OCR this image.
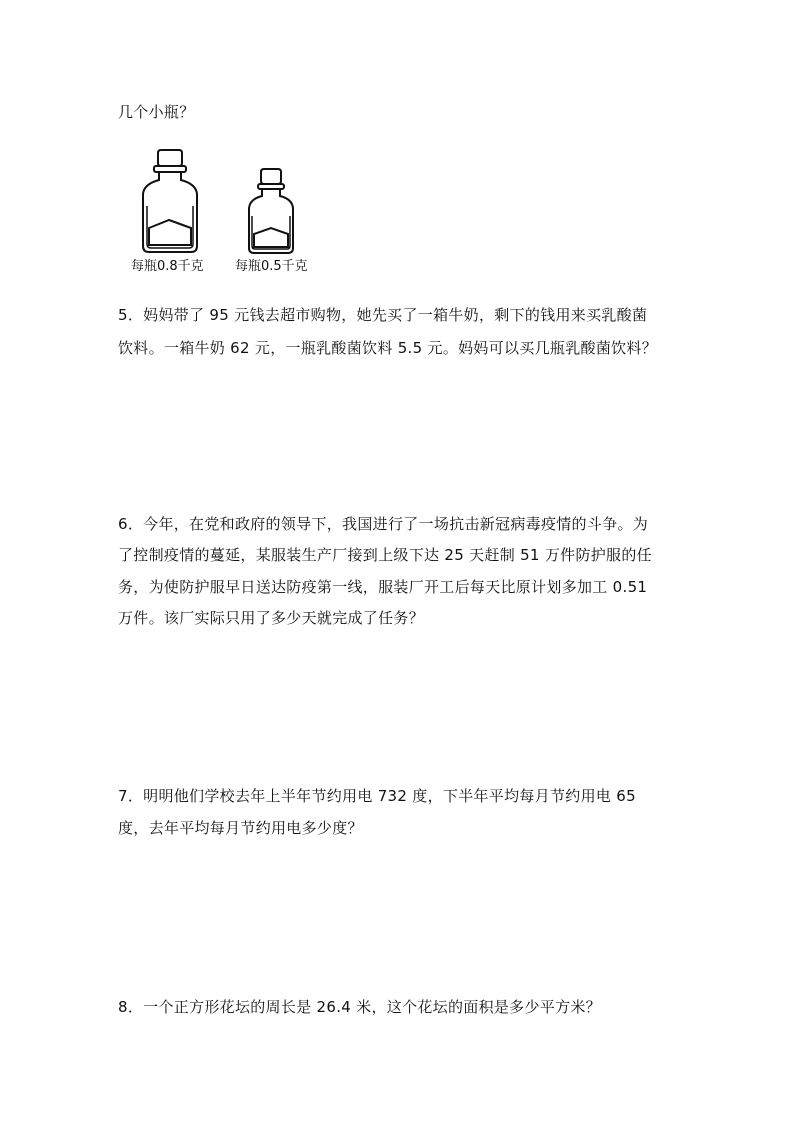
几个小瓶？
每瓶0.8千克 每瓶0.5千克
5．妈妈带了 95 元钱去超市购物，她先买了一箱牛奶，剩下的钱用来买乳酸菌
饮料。一箱牛奶 62 元，一瓶乳酸菌饮料 5.5 元。妈妈可以买几瓶乳酸菌饮料？
6．今年，在党和政府的领导下，我国进行了一场抗击新冠病毒疫情的斗争。为
了控制疫情的蔓延，某服装生产厂接到上级下达 25 天赶制 51 万件防护服的任
务，为使防护服早日送达防疫第一线，服装厂开工后每天比原计划多加工 0.51
万件。该厂实际只用了多少天就完成了任务？
7．明明他们学校去年上半年节约用电 732 度，下半年平均每月节约用电 65
度，去年平均每月节约用电多少度？
8．一个正方形花坛的周长是 26.4 米，这个花坛的面积是多少平方米？
